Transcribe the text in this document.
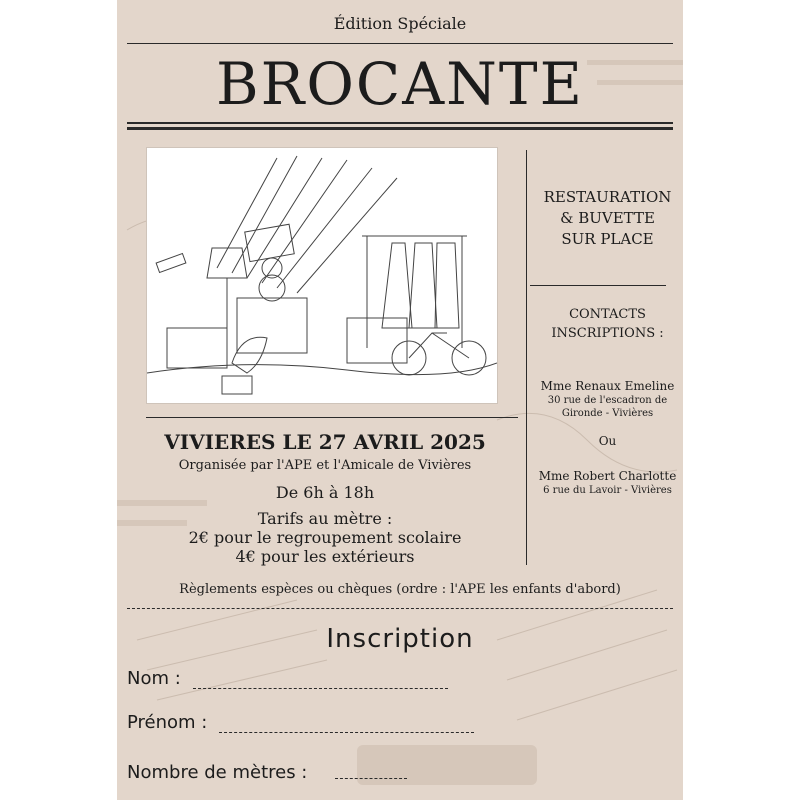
Édition Spéciale
BROCANTE
RESTAURATION
& BUVETTE
SUR PLACE
CONTACTS
INSCRIPTIONS :
Mme Renaux Emeline
30 rue de l'escadron de
Gironde - Vivières
Ou
Mme Robert Charlotte
6 rue du Lavoir - Vivières
VIVIERES LE 27 AVRIL 2025
Organisée par l'APE et l'Amicale de Vivières
De 6h à 18h
Tarifs au mètre :
2€ pour le regroupement scolaire
4€ pour les extérieurs
Règlements espèces ou chèques (ordre : l'APE les enfants d'abord)
Inscription
Nom :
Prénom :
Nombre de mètres :
